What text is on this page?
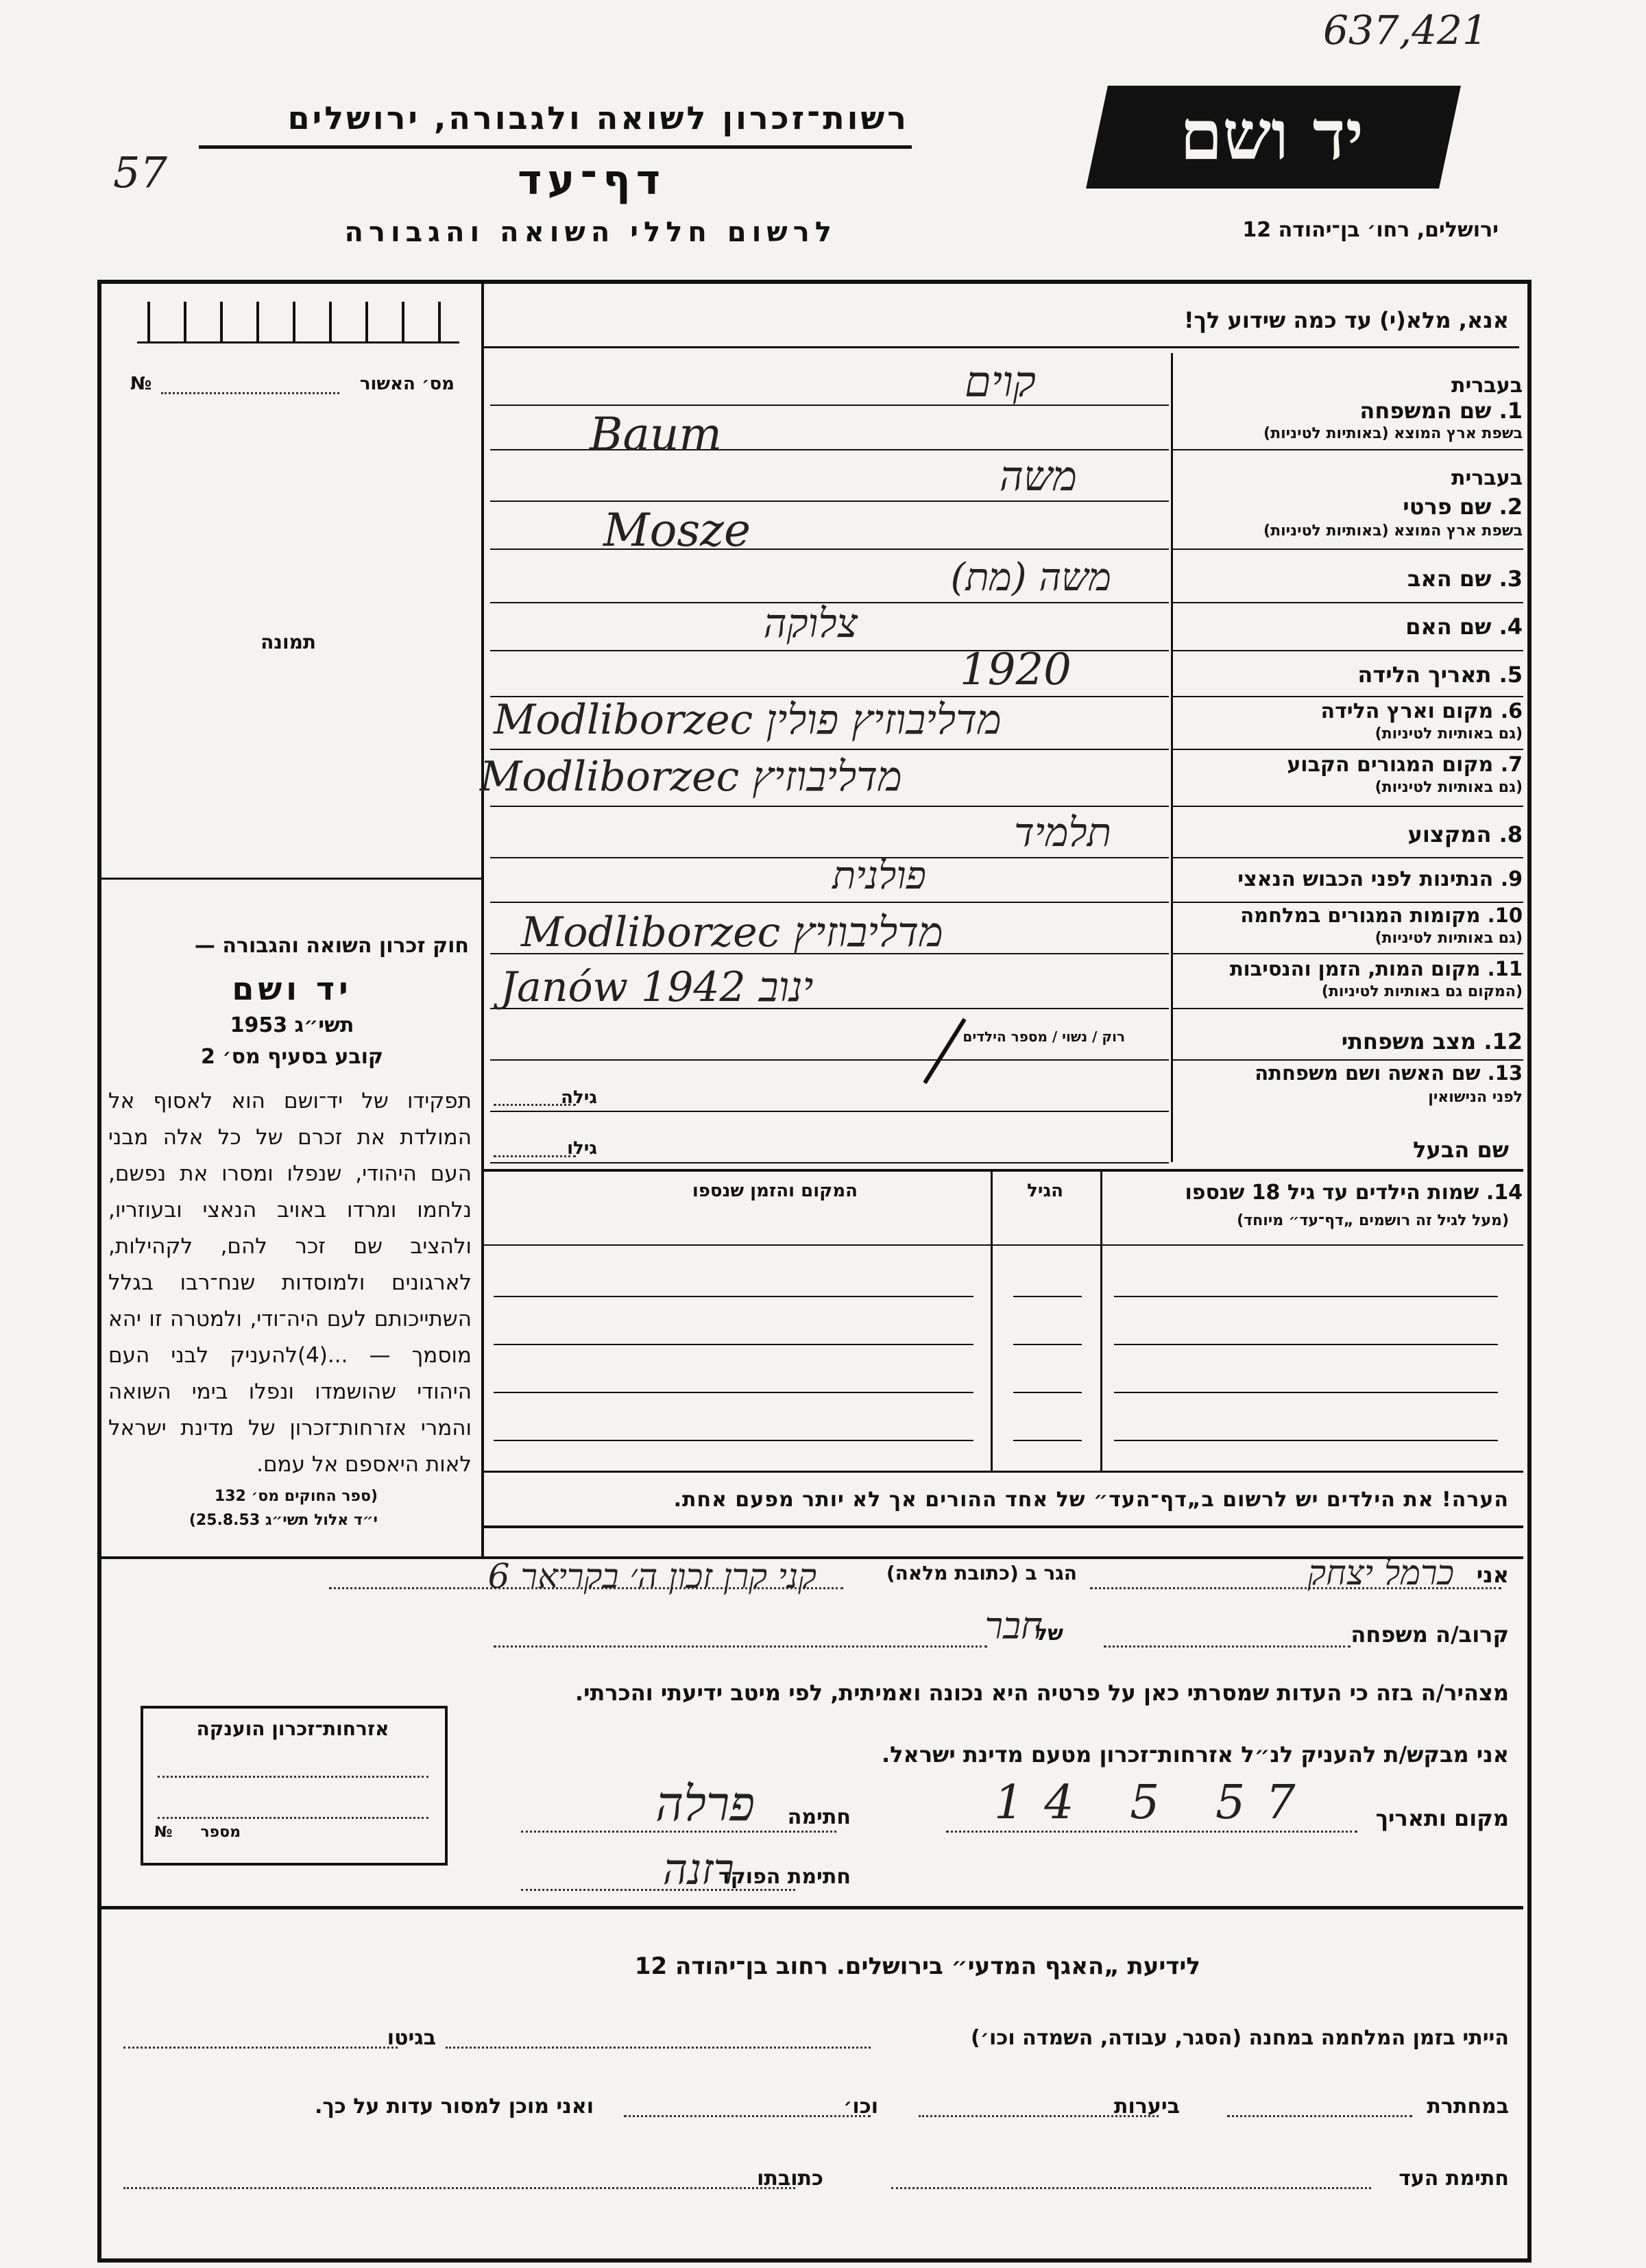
637,421
57
רשות־זכרון לשואה ולגבורה, ירושלים
דף־עד
לרשום חללי השואה והגבורה
יד ושם
ירושלים, רחו׳ בן־יהודה 12
אנא, מלא(י) עד כמה שידוע לך!
מס׳ האשור
№
תמונה
חוק זכרון השואה והגבורה —
יד ושם
תשי״ג 1953
קובע בסעיף מס׳ 2
תפקידו של יד־ושם הוא לאסוף אל המולדת את זכרם של כל אלה מבני העם היהודי, שנפלו ומסרו את נפשם, נלחמו ומרדו באויב הנאצי ובעוזריו, ולהציב שם זכר להם, לקהילות, לארגונים ולמוסדות שנח־רבו בגלל השתייכותם לעם היה־ודי, ולמטרה זו יהא מוסמך — ...(4)להעניק לבני העם היהודי שהושמדו ונפלו בימי השואה והמרי אזרחות־זכרון של מדינת ישראל לאות היאספם אל עמם.
(ספר החוקים מס׳ 132
י״ד אלול תשי״ג 25.8.53)
בעברית
1. שם המשפחה
בשפת ארץ המוצא (באותיות לטיניות)
בעברית
2. שם פרטי
בשפת ארץ המוצא (באותיות לטיניות)
3. שם האב
4. שם האם
5. תאריך הלידה
6. מקום וארץ הלידה
(גם באותיות לטיניות)
7. מקום המגורים הקבוע
(גם באותיות לטיניות)
8. המקצוע
9. הנתינות לפני הכבוש הנאצי
10. מקומות המגורים במלחמה
(גם באותיות לטיניות)
11. מקום המות, הזמן והנסיבות
(המקום גם באותיות לטיניות)
12. מצב משפחתי
13. שם האשה ושם משפחתה
לפני הנישואין
שם הבעל
קוים
Baum
משה
Mosze
משה (מת)
צלוקה
1920
Modliborzec מדליבוזיץ פולין
Modliborzec מדליבוזיץ
תלמיד
פולנית
Modliborzec מדליבוזיץ
Janów ינוב 1942
רוק / נשוי / מספר הילדים
גילה
גילו
14. שמות הילדים עד גיל 18 שנספו
(מעל לגיל זה רושמים „דף־עד״ מיוחד)
הגיל
המקום והזמן שנספו
הערה! את הילדים יש לרשום ב„דף־העד״ של אחד ההורים אך לא יותר מפעם אחת.
אני
כרמל יצחק
הגר ב (כתובת מלאה)
קני קרן זכון ה׳ בקריאר 6
קרוב/ה משפחה
של
חבר
מצהיר/ה בזה כי העדות שמסרתי כאן על פרטיה היא נכונה ואמיתית, לפי מיטב ידיעתי והכרתי.
אני מבקש/ת להעניק לנ״ל אזרחות־זכרון מטעם מדינת ישראל.
מקום ותאריך
14 5 57
חתימה
פרלה
חתימת הפוקד
רזנה
אזרחות־זכרון הוענקה
מספר
№
לידיעת „האגף המדעי״ בירושלים. רחוב בן־יהודה 12
הייתי בזמן המלחמה במחנה (הסגר, עבודה, השמדה וכו׳)
בגיטו
במחתרת
ביערות
וכו׳
ואני מוכן למסור עדות על כך.
חתימת העד
כתובתו
